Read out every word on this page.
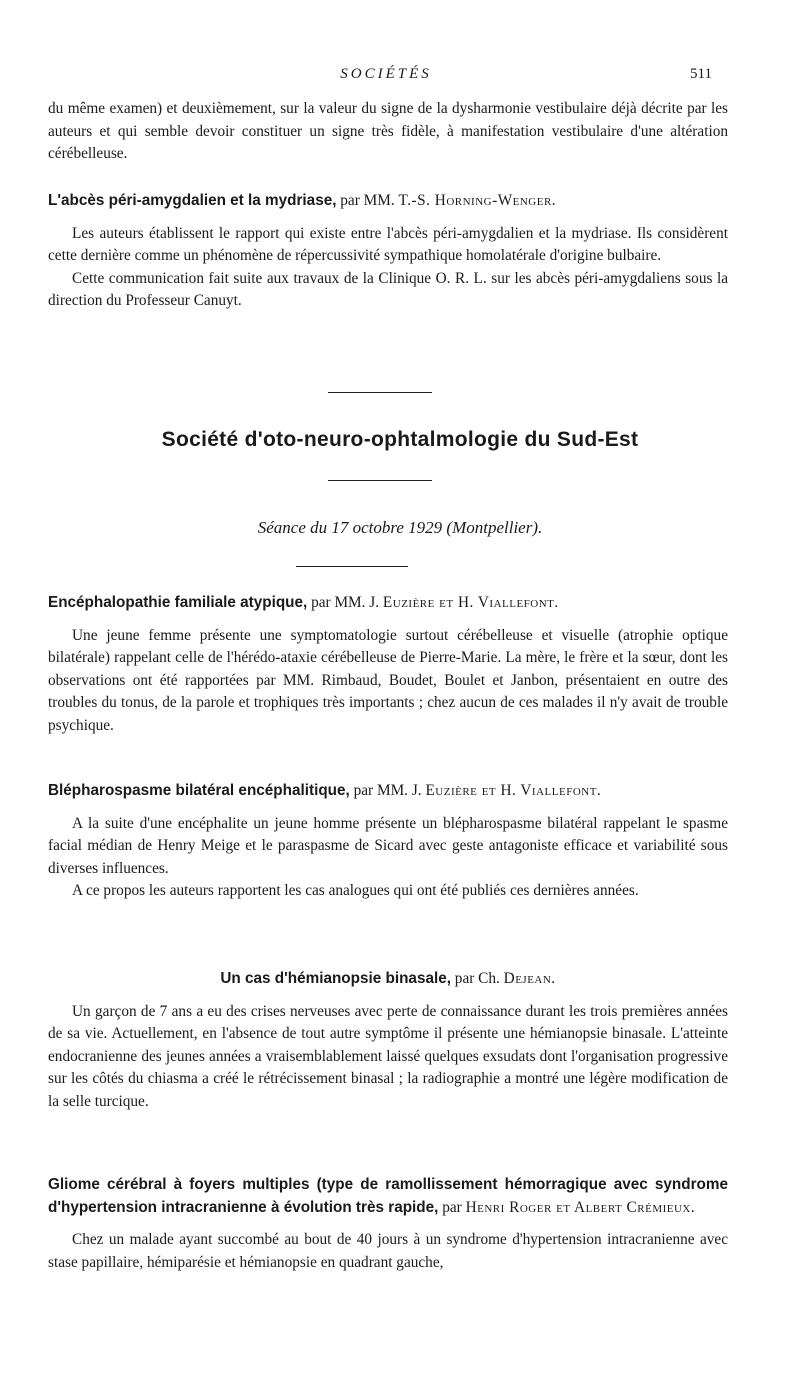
SOCIÉTÉS	511

du même examen) et deuxièmement, sur la valeur du signe de la dysharmonie vestibulaire déjà décrite par les auteurs et qui semble devoir constituer un signe très fidèle, à manifestation vestibulaire d'une altération cérébelleuse.

L'abcès péri-amygdalien et la mydriase, par MM. T.-S. Horning-Wenger.

Les auteurs établissent le rapport qui existe entre l'abcès péri-amygdalien et la mydriase. Ils considèrent cette dernière comme un phénomène de répercussivité sympathique homolatérale d'origine bulbaire.

Cette communication fait suite aux travaux de la Clinique O. R. L. sur les abcès péri-amygdaliens sous la direction du Professeur Canuyt.

Société d'oto-neuro-ophtalmologie du Sud-Est
Séance du 17 octobre 1929 (Montpellier).

Encéphalopathie familiale atypique, par MM. J. Euzière et H. Viallefont.

Une jeune femme présente une symptomatologie surtout cérébelleuse et visuelle (atrophie optique bilatérale) rappelant celle de l'hérédo-ataxie cérébelleuse de Pierre-Marie. La mère, le frère et la sœur, dont les observations ont été rapportées par MM. Rimbaud, Boudet, Boulet et Janbon, présentaient en outre des troubles du tonus, de la parole et trophiques très importants ; chez aucun de ces malades il n'y avait de trouble psychique.

Blépharospasme bilatéral encéphalitique, par MM. J. Euzière et H. Viallefont.

A la suite d'une encéphalite un jeune homme présente un blépharospasme bilatéral rappelant le spasme facial médian de Henry Meige et le paraspasme de Sicard avec geste antagoniste efficace et variabilité sous diverses influences.

A ce propos les auteurs rapportent les cas analogues qui ont été publiés ces dernières années.

Un cas d'hémianopsie binasale, par Ch. Dejean.

Un garçon de 7 ans a eu des crises nerveuses avec perte de connaissance durant les trois premières années de sa vie. Actuellement, en l'absence de tout autre symptôme il présente une hémianopsie binasale. L'atteinte endocranienne des jeunes années a vraisemblablement laissé quelques exsudats dont l'organisation progressive sur les côtés du chiasma a créé le rétrécissement binasal ; la radiographie a montré une légère modification de la selle turcique.

Gliome cérébral à foyers multiples (type de ramollissement hémorragique avec syndrome d'hypertension intracranienne à évolution très rapide, par Henri Roger et Albert Crémieux.

Chez un malade ayant succombé au bout de 40 jours à un syndrome d'hypertension intracranienne avec stase papillaire, hémiparésie et hémianopsie en quadrant gauche,
